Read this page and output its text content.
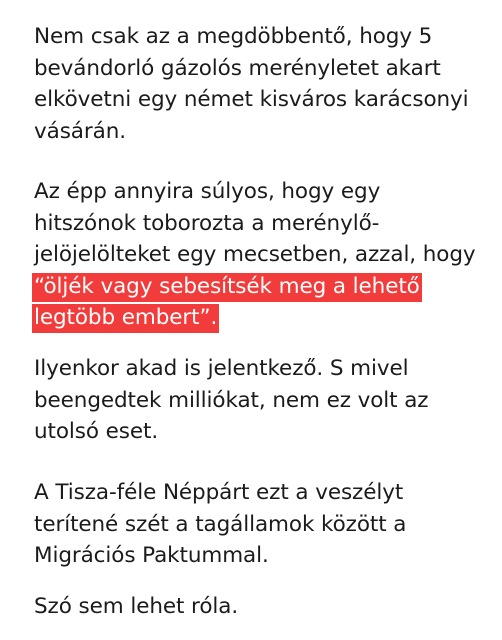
Nem csak az a megdöbbentő, hogy 5
bevándorló gázolós merényletet akart
elkövetni egy német kisváros karácsonyi
vásárán.

Az épp annyira súlyos, hogy egy
hitszónok toborozta a merénylő-
jelöjelölteket egy mecsetben, azzal, hogy
“öljék vagy sebesítsék meg a lehető
legtöbb embert”.

Ilyenkor akad is jelentkező. S mivel
beengedtek milliókat, nem ez volt az
utolsó eset.

A Tisza-féle Néppárt ezt a veszélyt
terítené szét a tagállamok között a
Migrációs Paktummal.

Szó sem lehet róla.
